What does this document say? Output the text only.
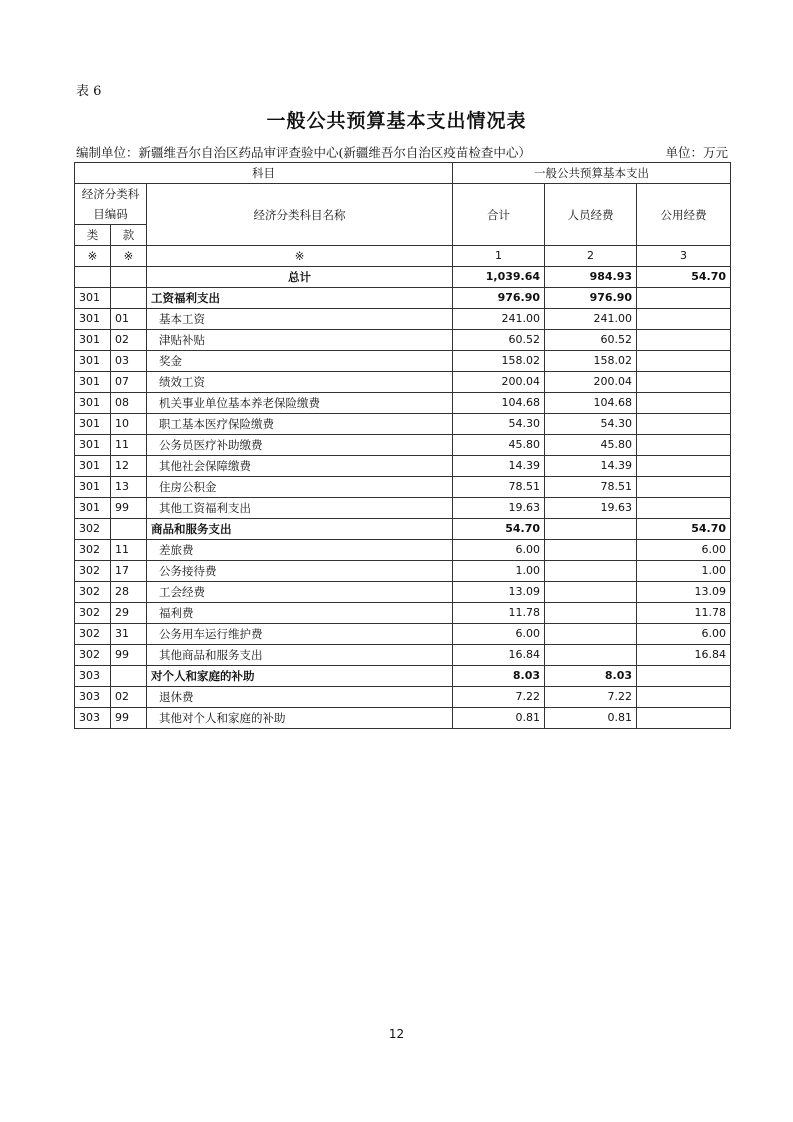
表 6
一般公共预算基本支出情况表
编制单位：新疆维吾尔自治区药品审评查验中心(新疆维吾尔自治区疫苗检查中心）	单位：万元
科目			一般公共预算基本支出		
经济分类科目编码		经济分类科目名称	合计	人员经费	公用经费
类	款				
※	※	※	1	2	3
		总计	1,039.64	984.93	54.70
301		工资福利支出	976.90	976.90	
301	01	基本工资	241.00	241.00	
301	02	津贴补贴	60.52	60.52	
301	03	奖金	158.02	158.02	
301	07	绩效工资	200.04	200.04	
301	08	机关事业单位基本养老保险缴费	104.68	104.68	
301	10	职工基本医疗保险缴费	54.30	54.30	
301	11	公务员医疗补助缴费	45.80	45.80	
301	12	其他社会保障缴费	14.39	14.39	
301	13	住房公积金	78.51	78.51	
301	99	其他工资福利支出	19.63	19.63	
302		商品和服务支出	54.70		54.70
302	11	差旅费	6.00		6.00
302	17	公务接待费	1.00		1.00
302	28	工会经费	13.09		13.09
302	29	福利费	11.78		11.78
302	31	公务用车运行维护费	6.00		6.00
302	99	其他商品和服务支出	16.84		16.84
303		对个人和家庭的补助	8.03	8.03	
303	02	退休费	7.22	7.22	
303	99	其他对个人和家庭的补助	0.81	0.81	
12
